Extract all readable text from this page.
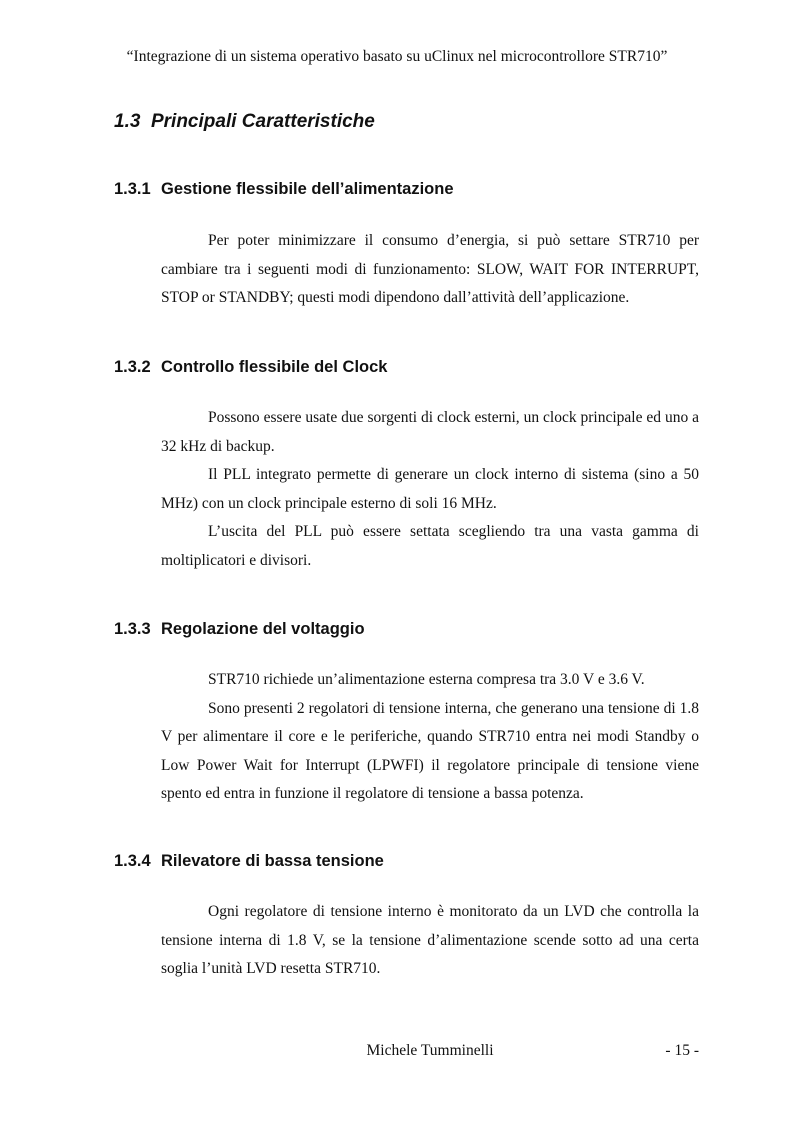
“Integrazione di un sistema operativo basato su uClinux nel microcontrollore STR710”
1.3 Principali Caratteristiche
1.3.1 Gestione flessibile dell’alimentazione

Per poter minimizzare il consumo d’energia, si può settare STR710 per cambiare tra i seguenti modi di funzionamento: SLOW, WAIT FOR INTERRUPT, STOP or STANDBY; questi modi dipendono dall’attività dell’applicazione.

1.3.2 Controllo flessibile del Clock

Possono essere usate due sorgenti di clock esterni, un clock principale ed uno a 32 kHz di backup.

Il PLL integrato permette di generare un clock interno di sistema (sino a 50 MHz) con un clock principale esterno di soli 16 MHz.

L’uscita del PLL può essere settata scegliendo tra una vasta gamma di moltiplicatori e divisori.

1.3.3 Regolazione del voltaggio

STR710 richiede un’alimentazione esterna compresa tra 3.0 V e 3.6 V.

Sono presenti 2 regolatori di tensione interna, che generano una tensione di 1.8 V per alimentare il core e le periferiche, quando STR710 entra nei modi Standby o Low Power Wait for Interrupt (LPWFI) il regolatore principale di tensione viene spento ed entra in funzione il regolatore di tensione a bassa potenza.

1.3.4 Rilevatore di bassa tensione

Ogni regolatore di tensione interno è monitorato da un LVD che controlla la tensione interna di 1.8 V, se la tensione d’alimentazione scende sotto ad una certa soglia l’unità LVD resetta STR710.

Michele Tumminelli	- 15 -
